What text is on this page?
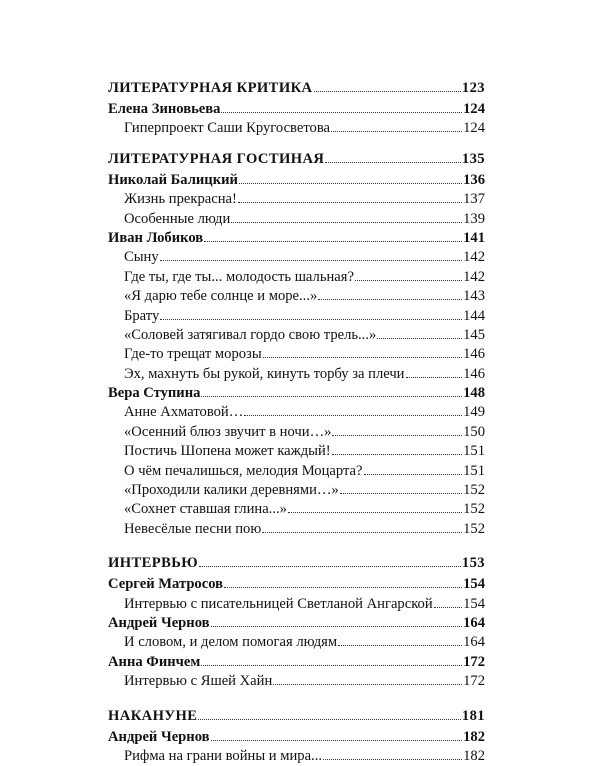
ЛИТЕРАТУРНАЯ КРИТИКА	123
Елена Зиновьева	124
Гиперпроект Саши Кругосветова	124
ЛИТЕРАТУРНАЯ ГОСТИНАЯ	135
Николай Балицкий	136
Жизнь прекрасна!	137
Особенные люди	139
Иван Лобиков	141
Сыну	142
Где ты, где ты... молодость шальная?	142
«Я дарю тебе солнце и море...»	143
Брату	144
«Соловей затягивал гордо свою трель...»	145
Где-то трещат морозы	146
Эх, махнуть бы рукой, кинуть торбу за плечи	146
Вера Ступина	148
Анне Ахматовой…	149
«Осенний блюз звучит в ночи…»	150
Постичь Шопена может каждый!	151
О чём печалишься, мелодия Моцарта?	151
«Проходили калики деревнями…»	152
«Сохнет ставшая глина...»	152
Невесёлые песни пою	152
ИНТЕРВЬЮ	153
Сергей Матросов	154
Интервью с писательницей Светланой Ангарской 154
Андрей Чернов	164
И словом, и делом помогая людям	164
Анна Финчем	172
Интервью с Яшей Хайн	172
НАКАНУНЕ	181
Андрей Чернов	182
Рифма на грани войны и мира...	182
